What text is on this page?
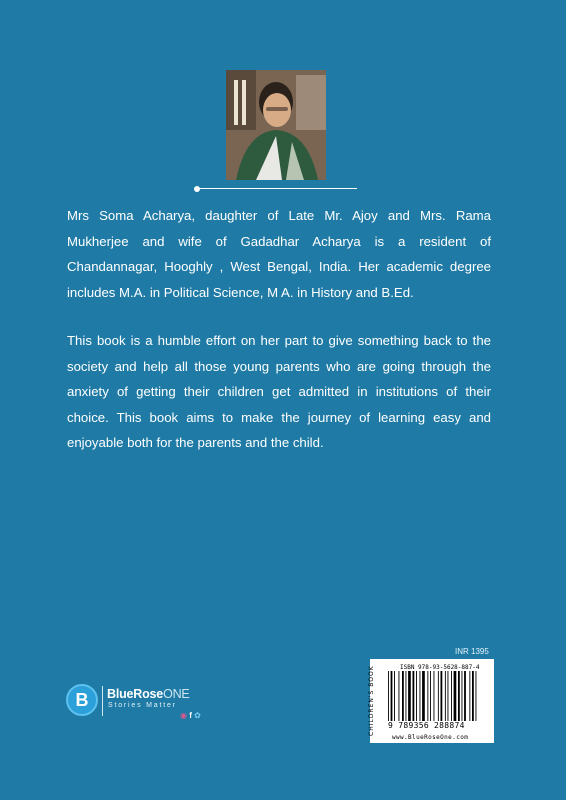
Mrs Soma Acharya, daughter of Late Mr. Ajoy and Mrs. Rama Mukherjee and wife of Gadadhar Acharya is a resident of Chandannagar, Hooghly , West Bengal, India. Her academic degree includes M.A. in Political Science, M A. in History and B.Ed.

This book is a humble effort on her part to give something back to the society and help all those young parents who are going through the anxiety of getting their children get admitted in institutions of their choice. This book aims to make the journey of learning easy and enjoyable both for the parents and the child.

B	BlueRoseONE
Stories Matter
◉ f ✿
INR 1395
CHILDREN'S BOOK	ISBN 978-93-5628-887-4
9 789356 288874
www.BlueRoseOne.com
